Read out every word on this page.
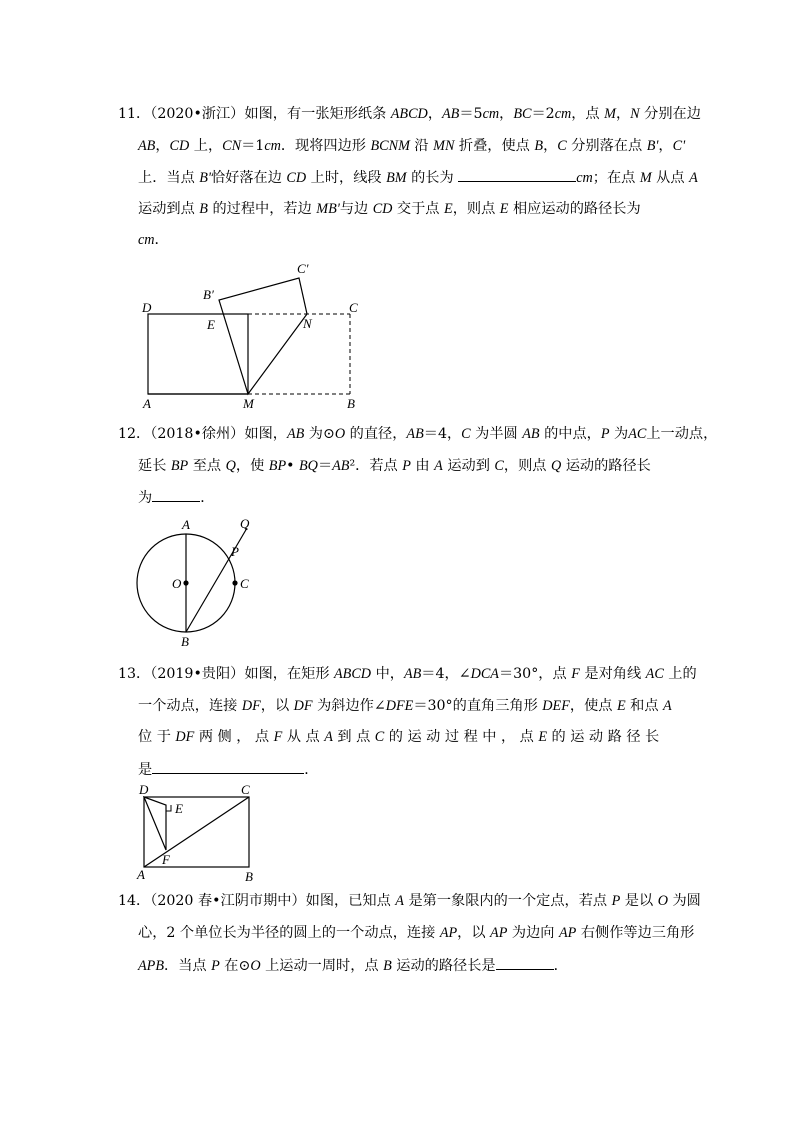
11．（2020•浙江）如图，有一张矩形纸条 ABCD，AB＝5cm，BC＝2cm，点 M，N 分别在边
AB，CD 上，CN＝1cm．现将四边形 BCNM 沿 MN 折叠，使点 B，C 分别落在点 B'，C'
上．当点 B'恰好落在边 CD 上时，线段 BM 的长为	cm；在点 M 从点 A
运动到点 B 的过程中，若边 MB'与边 CD 交于点 E，则点 E 相应运动的路径长为
cm．
D
B′
E
C′
N
C
A	M	B
12．（2018•徐州）如图，AB 为⊙O 的直径，AB＝4，C 为半圆 AB 的中点，P 为AC上一动点，
延长 BP 至点 Q，使 BP• BQ＝AB²．若点 P 由 A 运动到 C，则点 Q 运动的路径长
为	．
A	Q
P
O	C
B
13．（2019•贵阳）如图，在矩形 ABCD 中，AB＝4，∠DCA＝30°，点 F 是对角线 AC 上的
一个动点，连接 DF，以 DF 为斜边作∠DFE＝30°的直角三角形 DEF，使点 E 和点 A
位 于 DF 两 侧 ， 点 F 从 点 A 到 点 C 的 运 动 过 程 中 ， 点 E 的 运 动 路 径 长
是	．
D	C
E
F
A	B
14．（2020 春•江阴市期中）如图，已知点 A 是第一象限内的一个定点，若点 P 是以 O 为圆
心，2 个单位长为半径的圆上的一个动点，连接 AP，以 AP 为边向 AP 右侧作等边三角形
APB．当点 P 在⊙O 上运动一周时，点 B 运动的路径长是	．
